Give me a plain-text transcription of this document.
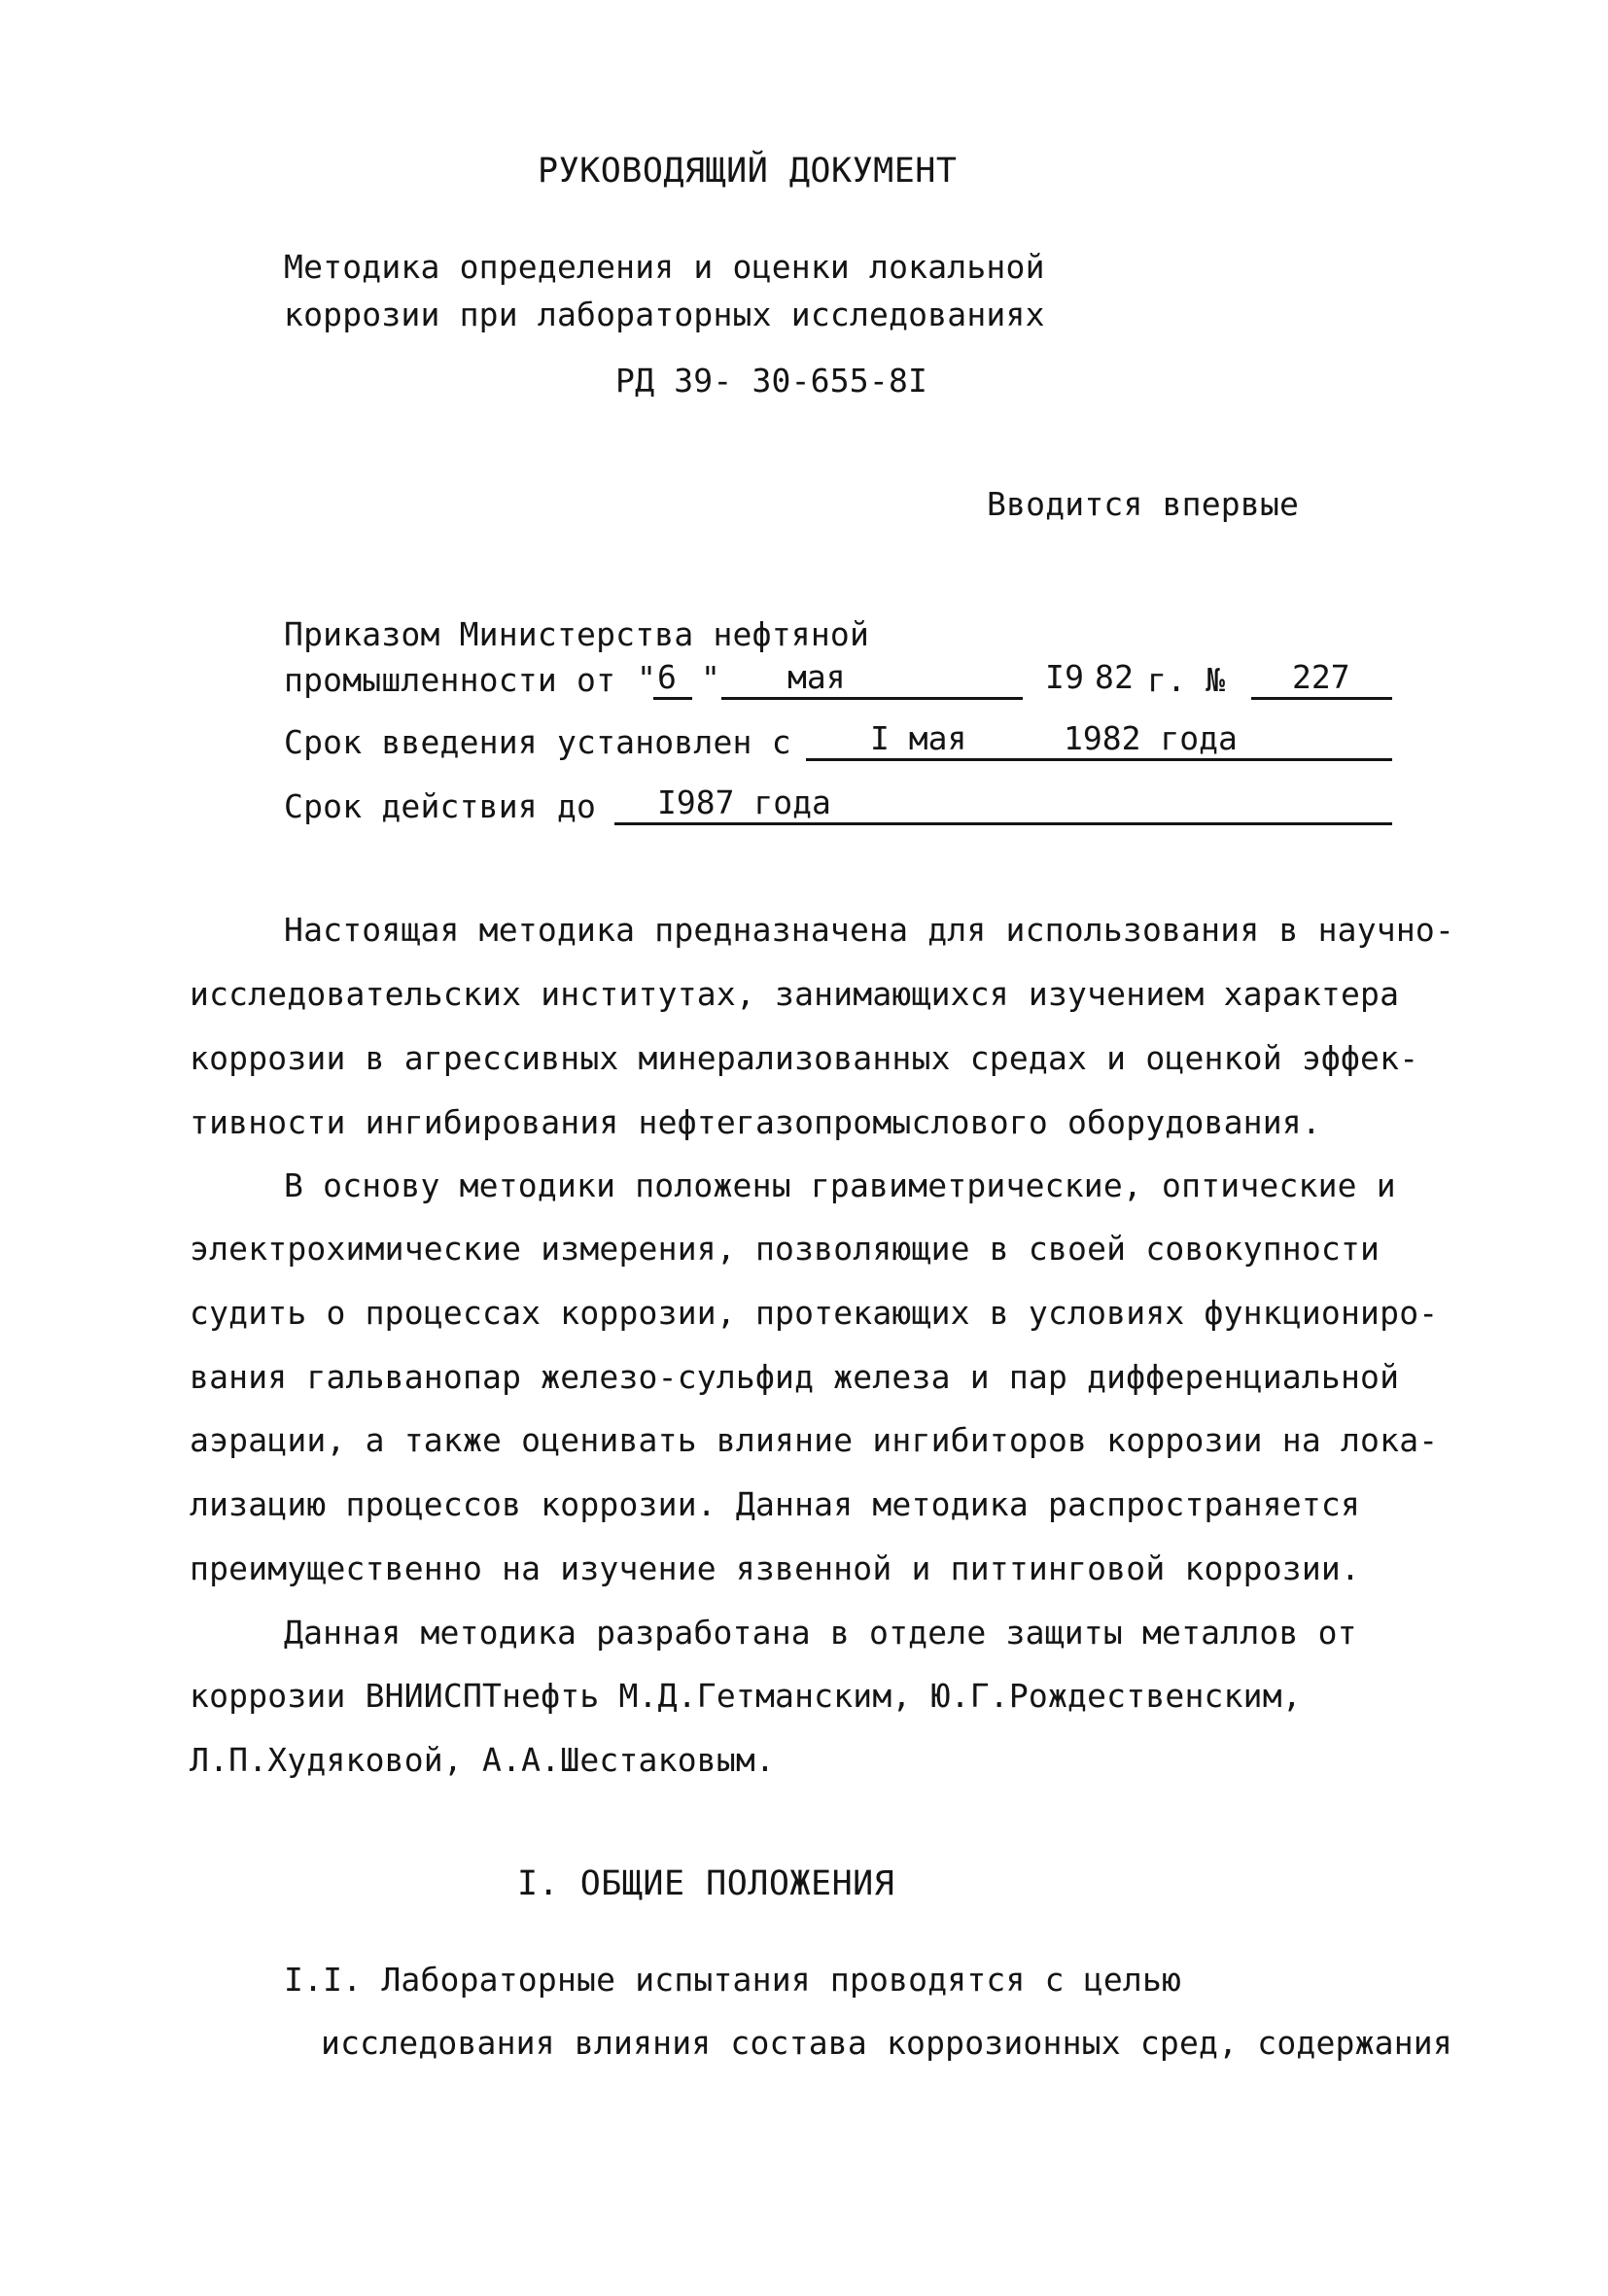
РУКОВОДЯЩИЙ ДОКУМЕНТ
Методика определения и оценки локальной
коррозии при лабораторных исследованиях
РД 39- 30-655-8I
Вводится впервые
Приказом Министерства нефтяной
промышленности от " 6 " мая	I9 82 г. № 227
Срок введения установлен с I мая	1982 года
Срок действия до I987 года
Настоящая методика предназначена для использования в научно-
исследовательских институтах, занимающихся изучением характера
коррозии в агрессивных минерализованных средах и оценкой эффек-
тивности ингибирования нефтегазопромыслового оборудования.
В основу методики положены гравиметрические, оптические и
электрохимические измерения, позволяющие в своей совокупности
судить о процессах коррозии, протекающих в условиях функциониро-
вания гальванопар железо-сульфид железа и пар дифференциальной
аэрации, а также оценивать влияние ингибиторов коррозии на лока-
лизацию процессов коррозии. Данная методика распространяется
преимущественно на изучение язвенной и питтинговой коррозии.
Данная методика разработана в отделе защиты металлов от
коррозии ВНИИСПТнефть М.Д.Гетманским, Ю.Г.Рождественским,
Л.П.Худяковой, А.А.Шестаковым.
I. ОБЩИЕ ПОЛОЖЕНИЯ
I.I. Лабораторные испытания проводятся с целью
исследования влияния состава коррозионных сред, содержания
